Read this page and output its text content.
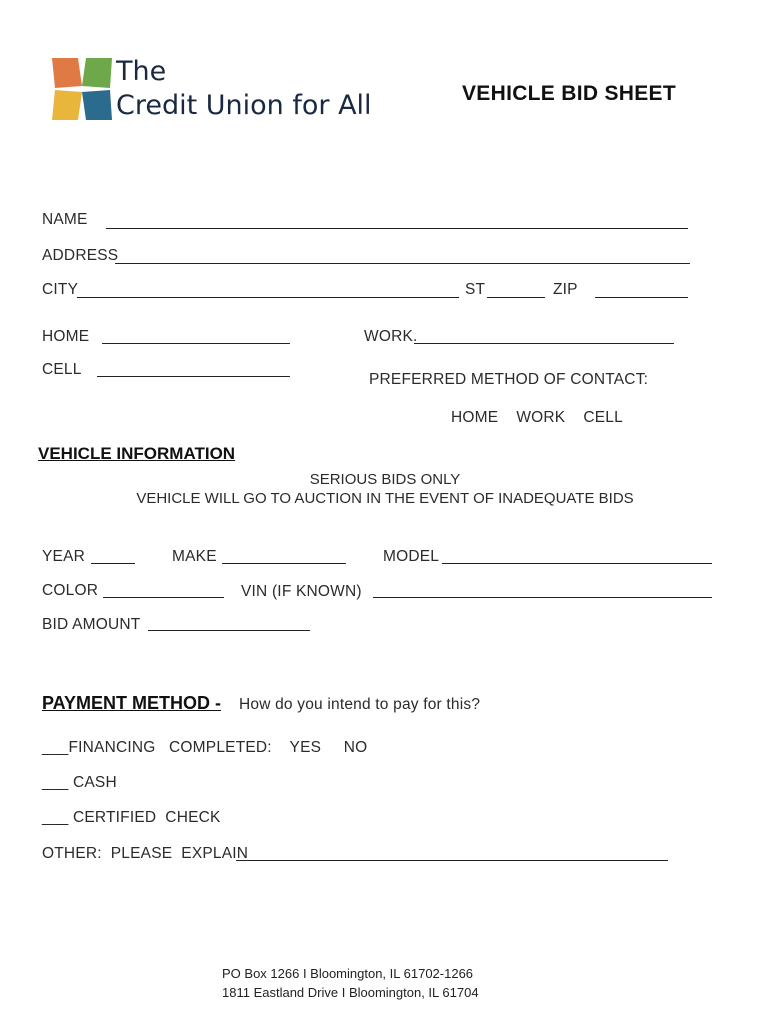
The
Credit Union for All	VEHICLE BID SHEET
NAME
ADDRESS
CITY	ST	ZIP
HOME	WORK.
CELL
PREFERRED METHOD OF CONTACT:
HOME    WORK    CELL
VEHICLE INFORMATION
SERIOUS BIDS ONLY
VEHICLE WILL GO TO AUCTION IN THE EVENT OF INADEQUATE BIDS
YEAR	MAKE	MODEL
COLOR	VIN (IF KNOWN)
BID AMOUNT
PAYMENT METHOD - How do you intend to pay for this?
___FINANCING   COMPLETED:    YES     NO
___ CASH
___ CERTIFIED  CHECK
OTHER:  PLEASE  EXPLAIN
PO Box 1266 I Bloomington, IL 61702-1266
1811 Eastland Drive I Bloomington, IL 61704
